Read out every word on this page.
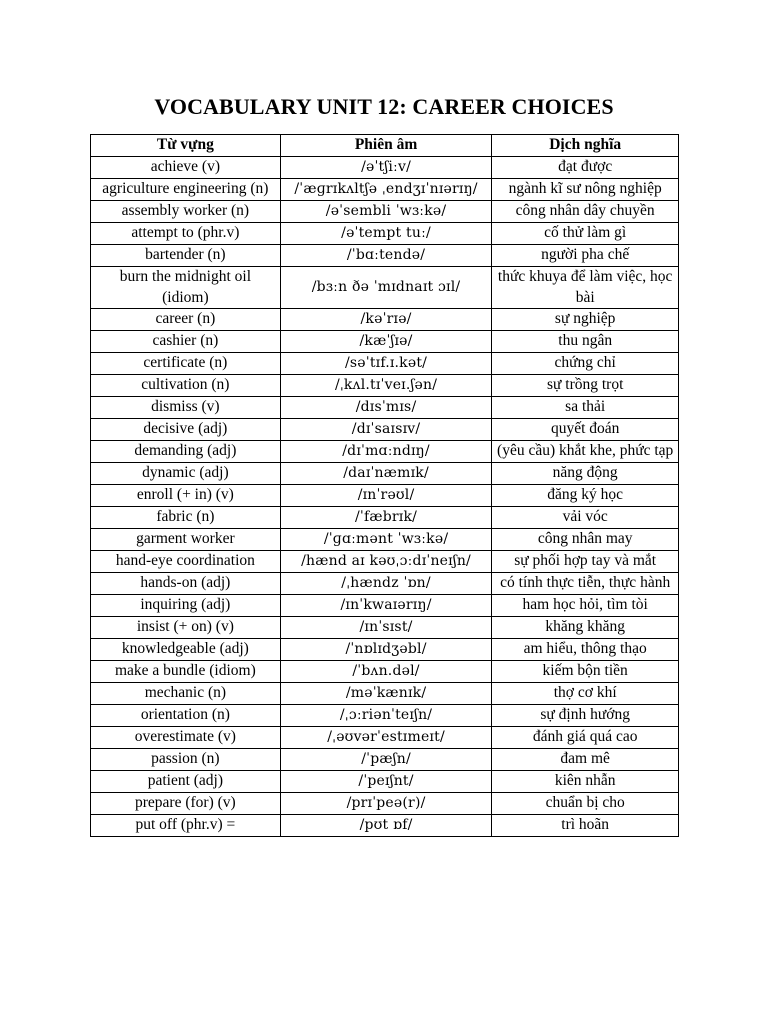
VOCABULARY UNIT 12: CAREER CHOICES
Từ vựng	Phiên âm	Dịch nghĩa
achieve (v)	/əˈtʃiːv/	đạt được
agriculture engineering (n)	/ˈæɡrɪkʌltʃə ˌendʒɪˈnɪərɪŋ/	ngành kĩ sư nông nghiệp
assembly worker (n)	/əˈsembli ˈwɜːkə/	công nhân dây chuyền
attempt to (phr.v)	/əˈtempt tuː/	cố thử làm gì
bartender (n)	/ˈbɑːtendə/	người pha chế
burn the midnight oil (idiom)	/bɜːn ðə ˈmɪdnaɪt ɔɪl/	thức khuya để làm việc, học bài
career (n)	/kəˈrɪə/	sự nghiệp
cashier (n)	/kæˈʃɪə/	thu ngân
certificate (n)	/səˈtɪf.ɪ.kət/	chứng chỉ
cultivation (n)	/ˌkʌl.tɪˈveɪ.ʃən/	sự trồng trọt
dismiss (v)	/dɪsˈmɪs/	sa thải
decisive (adj)	/dɪˈsaɪsɪv/	quyết đoán
demanding (adj)	/dɪˈmɑːndɪŋ/	(yêu cầu) khắt khe, phức tạp
dynamic (adj)	/daɪˈnæmɪk/	năng động
enroll (+ in) (v)	/ɪnˈrəʊl/	đăng ký học
fabric (n)	/ˈfæbrɪk/	vải vóc
garment worker	/ˈɡɑːmənt ˈwɜːkə/	công nhân may
hand-eye coordination	/hænd aɪ kəʊˌɔːdɪˈneɪʃn/	sự phối hợp tay và mắt
hands-on (adj)	/ˌhændz ˈɒn/	có tính thực tiễn, thực hành
inquiring (adj)	/ɪnˈkwaɪərɪŋ/	ham học hỏi, tìm tòi
insist (+ on) (v)	/ɪnˈsɪst/	khăng khăng
knowledgeable (adj)	/ˈnɒlɪdʒəbl/	am hiểu, thông thạo
make a bundle (idiom)	/ˈbʌn.dəl/	kiếm bộn tiền
mechanic (n)	/məˈkænɪk/	thợ cơ khí
orientation (n)	/ˌɔːriənˈteɪʃn/	sự định hướng
overestimate (v)	/ˌəʊvərˈestɪmeɪt/	đánh giá quá cao
passion (n)	/ˈpæʃn/	đam mê
patient (adj)	/ˈpeɪʃnt/	kiên nhẫn
prepare (for) (v)	/prɪˈpeə(r)/	chuẩn bị cho
put off (phr.v) =	/pʊt ɒf/	trì hoãn
